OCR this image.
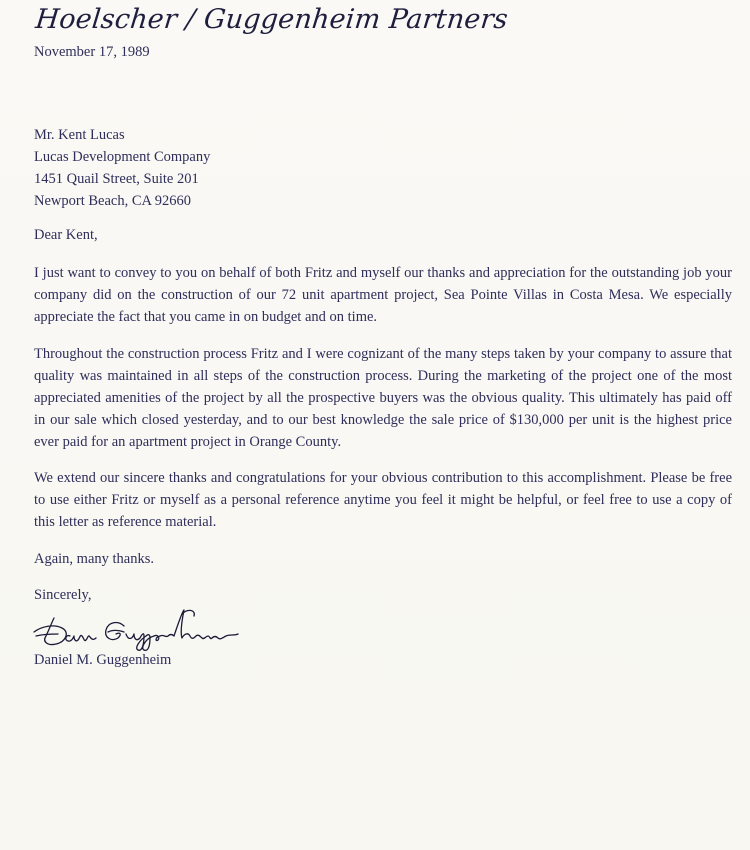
Hoelscher / Guggenheim Partners
November 17, 1989
Mr. Kent Lucas
Lucas Development Company
1451 Quail Street, Suite 201
Newport Beach, CA 92660
Dear Kent,

I just want to convey to you on behalf of both Fritz and myself our thanks and appreciation for the outstanding job your company did on the construction of our 72 unit apartment project, Sea Pointe Villas in Costa Mesa. We especially appreciate the fact that you came in on budget and on time.

Throughout the construction process Fritz and I were cognizant of the many steps taken by your company to assure that quality was maintained in all steps of the construction process. During the marketing of the project one of the most appreciated amenities of the project by all the prospective buyers was the obvious quality. This ultimately has paid off in our sale which closed yesterday, and to our best knowledge the sale price of $130,000 per unit is the highest price ever paid for an apartment project in Orange County.

We extend our sincere thanks and congratulations for your obvious contribution to this accomplishment. Please be free to use either Fritz or myself as a personal reference anytime you feel it might be helpful, or feel free to use a copy of this letter as reference material.

Again, many thanks.

Sincerely,

Daniel M. Guggenheim
